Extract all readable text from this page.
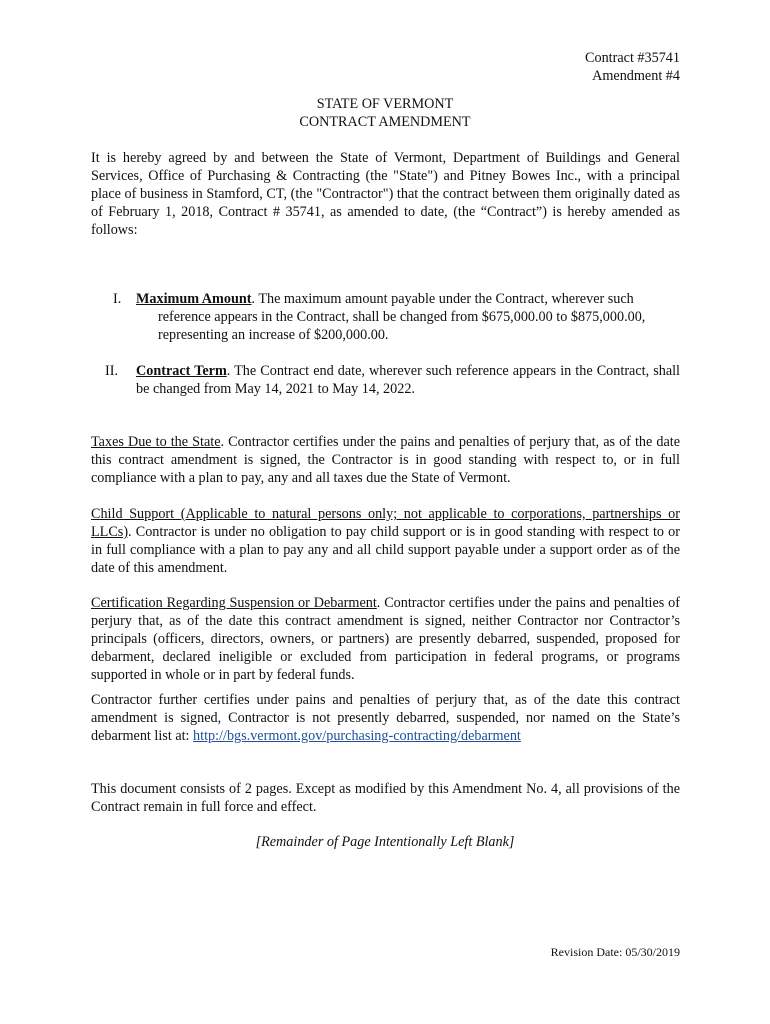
Contract #35741
Amendment #4
STATE OF VERMONT
CONTRACT AMENDMENT
It is hereby agreed by and between the State of Vermont, Department of Buildings and General Services, Office of Purchasing & Contracting (the "State") and Pitney Bowes Inc., with a principal place of business in Stamford, CT, (the "Contractor") that the contract between them originally dated as of February 1, 2018, Contract # 35741, as amended to date, (the “Contract”) is hereby amended as follows:
I.	Maximum Amount. The maximum amount payable under the Contract, wherever such
reference appears in the Contract, shall be changed from $675,000.00 to $875,000.00,
representing an increase of $200,000.00.
II.	Contract Term. The Contract end date, wherever such reference appears in the Contract, shall be changed from May 14, 2021 to May 14, 2022.
Taxes Due to the State. Contractor certifies under the pains and penalties of perjury that, as of the date this contract amendment is signed, the Contractor is in good standing with respect to, or in full compliance with a plan to pay, any and all taxes due the State of Vermont.
Child Support (Applicable to natural persons only; not applicable to corporations, partnerships or LLCs). Contractor is under no obligation to pay child support or is in good standing with respect to or in full compliance with a plan to pay any and all child support payable under a support order as of the date of this amendment.
Certification Regarding Suspension or Debarment. Contractor certifies under the pains and penalties of perjury that, as of the date this contract amendment is signed, neither Contractor nor Contractor’s principals (officers, directors, owners, or partners) are presently debarred, suspended, proposed for debarment, declared ineligible or excluded from participation in federal programs, or programs supported in whole or in part by federal funds.
Contractor further certifies under pains and penalties of perjury that, as of the date this contract amendment is signed, Contractor is not presently debarred, suspended, nor named on the State’s debarment list at: http://bgs.vermont.gov/purchasing-contracting/debarment
This document consists of 2 pages. Except as modified by this Amendment No. 4, all provisions of the Contract remain in full force and effect.
[Remainder of Page Intentionally Left Blank]
Revision Date: 05/30/2019
